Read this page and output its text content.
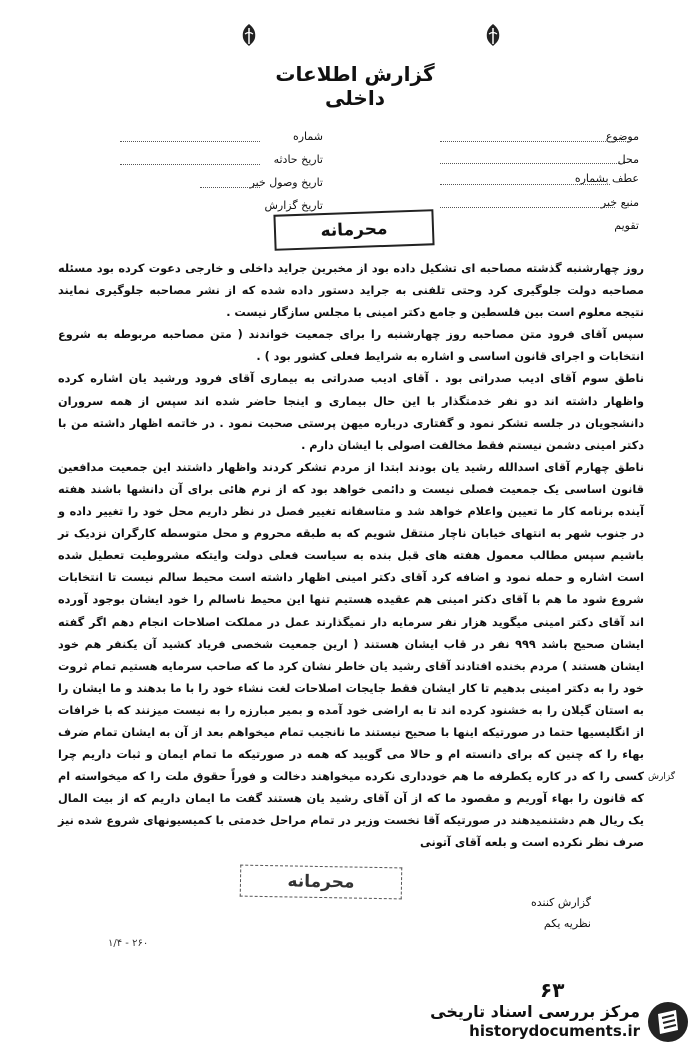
گزارش اطلاعات داخلی
موضوع
محل
عطف بشماره
منبع خبر
تقویم
شماره
تاریخ حادثه
تاریخ وصول خبر
تاریخ گزارش
محرمانه

روز چهارشنبه گذشته مصاحبه ای تشکیل داده بود از مخبرین جراید داخلی و خارجی دعوت کرده بود مسئله مصاحبه دولت جلوگیری کرد وحتی تلفنی به جراید دستور داده شده که از نشر مصاحبه جلوگیری نمایند نتیجه معلوم است بین فلسطین و جامع دکتر امینی با مجلس سازگار نیست .

سپس آقای فرود متن مصاحبه روز چهارشنبه را برای جمعیت خواندند ( متن مصاحبه مربوطه به شروع انتخابات و اجرای قانون اساسی و اشاره به شرایط فعلی کشور بود ) .

ناطق سوم آقای ادیب صدراتی بود . آقای ادیب صدراتی به بیماری آقای فرود ورشید یان اشاره کرده واظهار داشته اند دو نفر خدمتگذار با این حال بیماری و اینجا حاضر شده اند سپس از همه سروران دانشجویان در جلسه تشکر نمود و گفتاری درباره میهن پرستی صحبت نمود . در خاتمه اظهار داشته من با دکتر امینی دشمن نیستم فقط مخالفت اصولی با ایشان دارم .

ناطق چهارم آقای اسدالله رشید یان بودند ابتدا از مردم تشکر کردند واظهار داشتند این جمعیت مدافعین قانون اساسی یک جمعیت فصلی نیست و دائمی خواهد بود که از نرم هائی برای آن دانشها باشند هفته آینده برنامه کار ما تعیین واعلام خواهد شد و متاسفانه تغییر فصل در نظر داریم محل خود را تغییر داده و در جنوب شهر به انتهای خیابان ناچار منتقل شویم که به طبقه محروم و محل متوسطه کارگران نزدیک تر باشیم سپس مطالب معمول هفته های قبل بنده به سیاست فعلی دولت وایتکه مشروطیت تعطیل شده است اشاره و حمله نمود و اضافه کرد آقای دکتر امینی اظهار داشته است محیط سالم نیست تا انتخابات شروع شود ما هم با آقای دکتر امینی هم عقیده هستیم تنها این محیط ناسالم را خود ایشان بوجود آورده اند آقای دکتر امینی میگوید هزار نفر سرمایه دار نمیگذارند عمل در مملکت اصلاحات انجام دهم اگر گفته ایشان صحیح باشد ۹۹۹ نفر در قاب ایشان هستند ( ارین جمعیت شخصی فریاد کشید آن یکنفر هم خود ایشان هستند ) مردم بخنده افتادند آقای رشید یان خاطر نشان کرد ما که صاحب سرمایه هستیم تمام ثروت خود را به دکتر امینی بدهیم تا کار ایشان فقط جایجات اصلاحات لغت نشاء خود را با ما بدهند و ما ایشان را به استان گیلان را به خشنود کرده اند تا به اراضی خود آمده و بمیر مبارزه را به نیست میزنند که با خرافات از انگلیسیها حتما در صورتیکه اینها با صحیح نیستند ما نانجیب تمام میخواهم بعد از آن به ایشان تمام ضرف بهاء را که چنین که برای دانسته ام و حالا می گویید که همه در صورتیکه ما تمام ایمان و ثبات داریم چرا کسی را که در کاره یکطرفه ما هم خودداری نکرده میخواهند دخالت و فوراً حقوق ملت را که میخواسته ام که قانون را بهاء آوریم و مقصود ما که از آن آقای رشید یان هستند گفت ما ایمان داریم که از بیت المال یک ریال هم دشتنمیدهند در صورتیکه آقا نخست وزیر در تمام مراحل خدمتی با کمیسیونهای شروع شده نیز صرف نظر نکرده است و بلعه آقای آتونی

گزارش
محرمانه
گزارش کننده
نظریه یکم
۱/۴ - ۲۶۰
۶۳
مرکز بررسی اسناد تاریخی
historydocuments.ir
